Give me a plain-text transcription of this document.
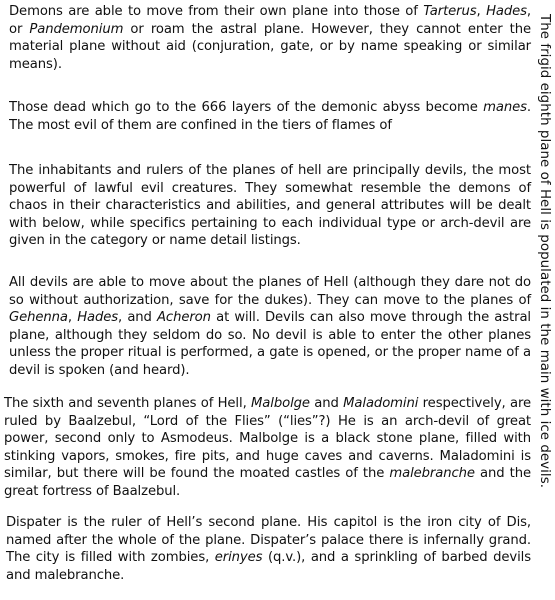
Demons are able to move from their own plane into those of Tarterus, Hades, or Pandemonium or roam the astral plane. However, they cannot enter the material plane without aid (conjuration, gate, or by name speaking or similar means).

Those dead which go to the 666 layers of the demonic abyss become manes. The most evil of them are confined in the tiers of flames of

The inhabitants and rulers of the planes of hell are principally devils, the most powerful of lawful evil creatures. They somewhat resemble the demons of chaos in their characteristics and abilities, and general attributes will be dealt with below, while specifics pertaining to each individual type or arch-devil are given in the category or name detail listings.

All devils are able to move about the planes of Hell (although they dare not do so without authorization, save for the dukes). They can move to the planes of Gehenna, Hades, and Acheron at will. Devils can also move through the astral plane, although they seldom do so. No devil is able to enter the other planes unless the proper ritual is performed, a gate is opened, or the proper name of a devil is spoken (and heard).

The sixth and seventh planes of Hell, Malbolge and Maladomini respectively, are ruled by Baalzebul, “Lord of the Flies” (“lies”?) He is an arch-devil of great power, second only to Asmodeus. Malbolge is a black stone plane, filled with stinking vapors, smokes, fire pits, and huge caves and caverns. Maladomini is similar, but there will be found the moated castles of the malebranche and the great fortress of Baalzebul.

Dispater is the ruler of Hell’s second plane. His capitol is the iron city of Dis, named after the whole of the plane. Dispater’s palace there is infernally grand. The city is filled with zombies, erinyes (q.v.), and a sprinkling of barbed devils and malebranche.

The frigid eighth plane of Hell is populated in the main with ice devils.
